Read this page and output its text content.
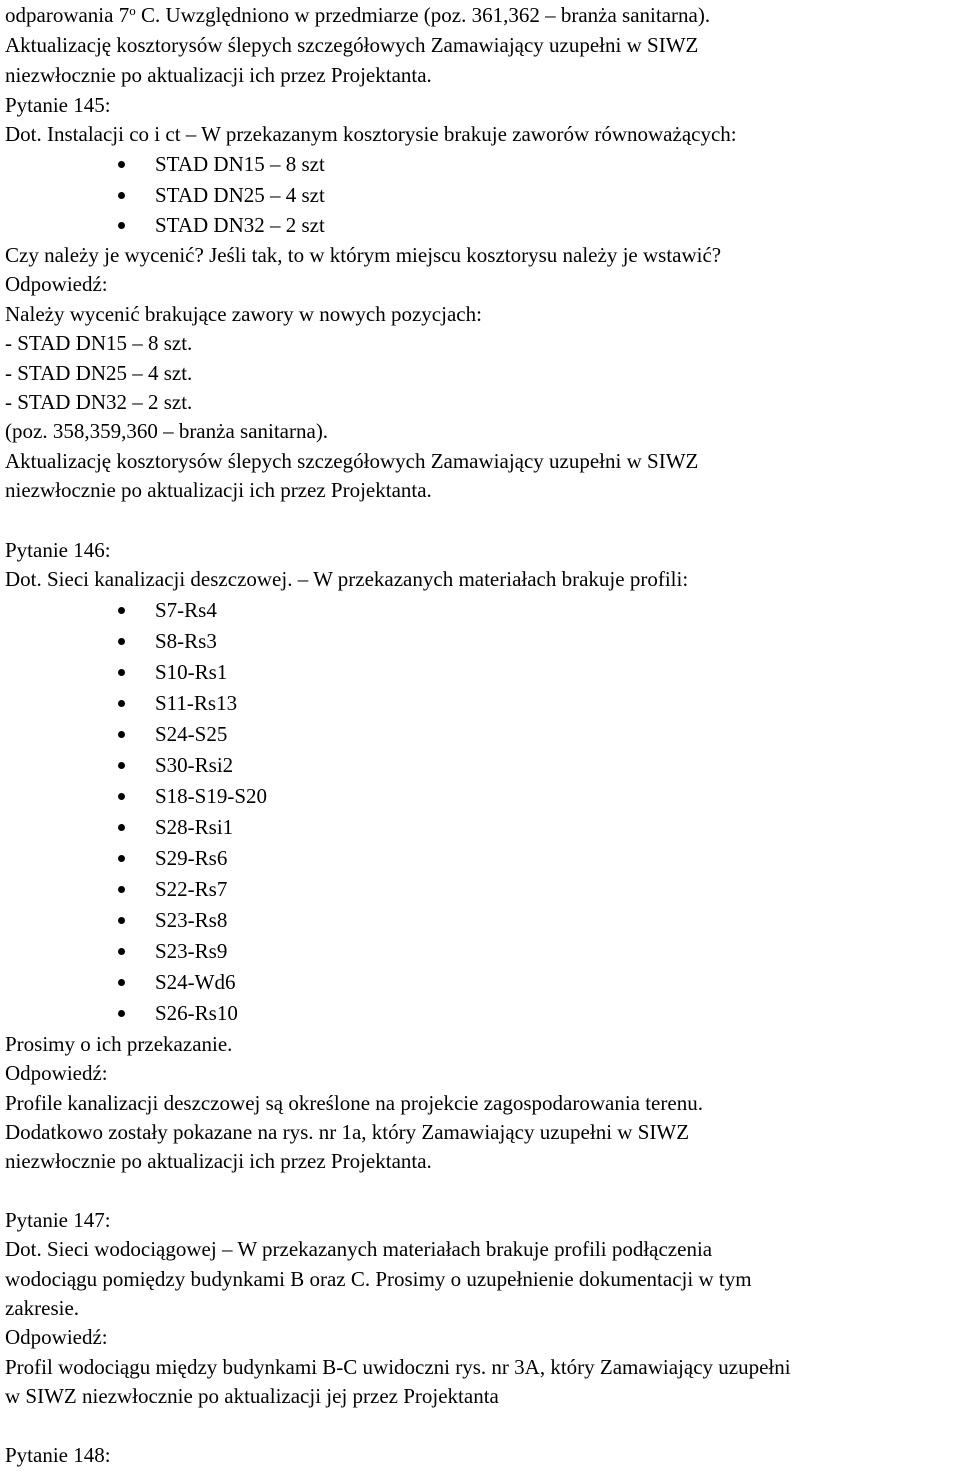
odparowania 7$^o$ C. Uwzględniono w przedmiarze (poz. 361,362 – branża sanitarna).
Aktualizację kosztorysów ślepych szczegółowych Zamawiający uzupełni w SIWZ
niezwłocznie po aktualizacji ich przez Projektanta.
Pytanie 145:
Dot. Instalacji co i ct – W przekazanym kosztorysie brakuje zaworów równoważących:
STAD DN15 – 8 szt
STAD DN25 – 4 szt
STAD DN32 – 2 szt
Czy należy je wycenić? Jeśli tak, to w którym miejscu kosztorysu należy je wstawić?
Odpowiedź:
Należy wycenić brakujące zawory w nowych pozycjach:
- STAD DN15 – 8 szt.
- STAD DN25 – 4 szt.
- STAD DN32 – 2 szt.
(poz. 358,359,360 – branża sanitarna).
Aktualizację kosztorysów ślepych szczegółowych Zamawiający uzupełni w SIWZ
niezwłocznie po aktualizacji ich przez Projektanta.
Pytanie 146:
Dot. Sieci kanalizacji deszczowej. – W przekazanych materiałach brakuje profili:
S7-Rs4
S8-Rs3
S10-Rs1
S11-Rs13
S24-S25
S30-Rsi2
S18-S19-S20
S28-Rsi1
S29-Rs6
S22-Rs7
S23-Rs8
S23-Rs9
S24-Wd6
S26-Rs10
Prosimy o ich przekazanie.
Odpowiedź:
Profile kanalizacji deszczowej są określone na projekcie zagospodarowania terenu.
Dodatkowo zostały pokazane na rys. nr 1a, który Zamawiający uzupełni w SIWZ
niezwłocznie po aktualizacji ich przez Projektanta.
Pytanie 147:
Dot. Sieci wodociągowej – W przekazanych materiałach brakuje profili podłączenia
wodociągu pomiędzy budynkami B oraz C. Prosimy o uzupełnienie dokumentacji w tym
zakresie.
Odpowiedź:
Profil wodociągu między budynkami B-C uwidoczni rys. nr 3A, który Zamawiający uzupełni
w SIWZ niezwłocznie po aktualizacji jej przez Projektanta
Pytanie 148:
